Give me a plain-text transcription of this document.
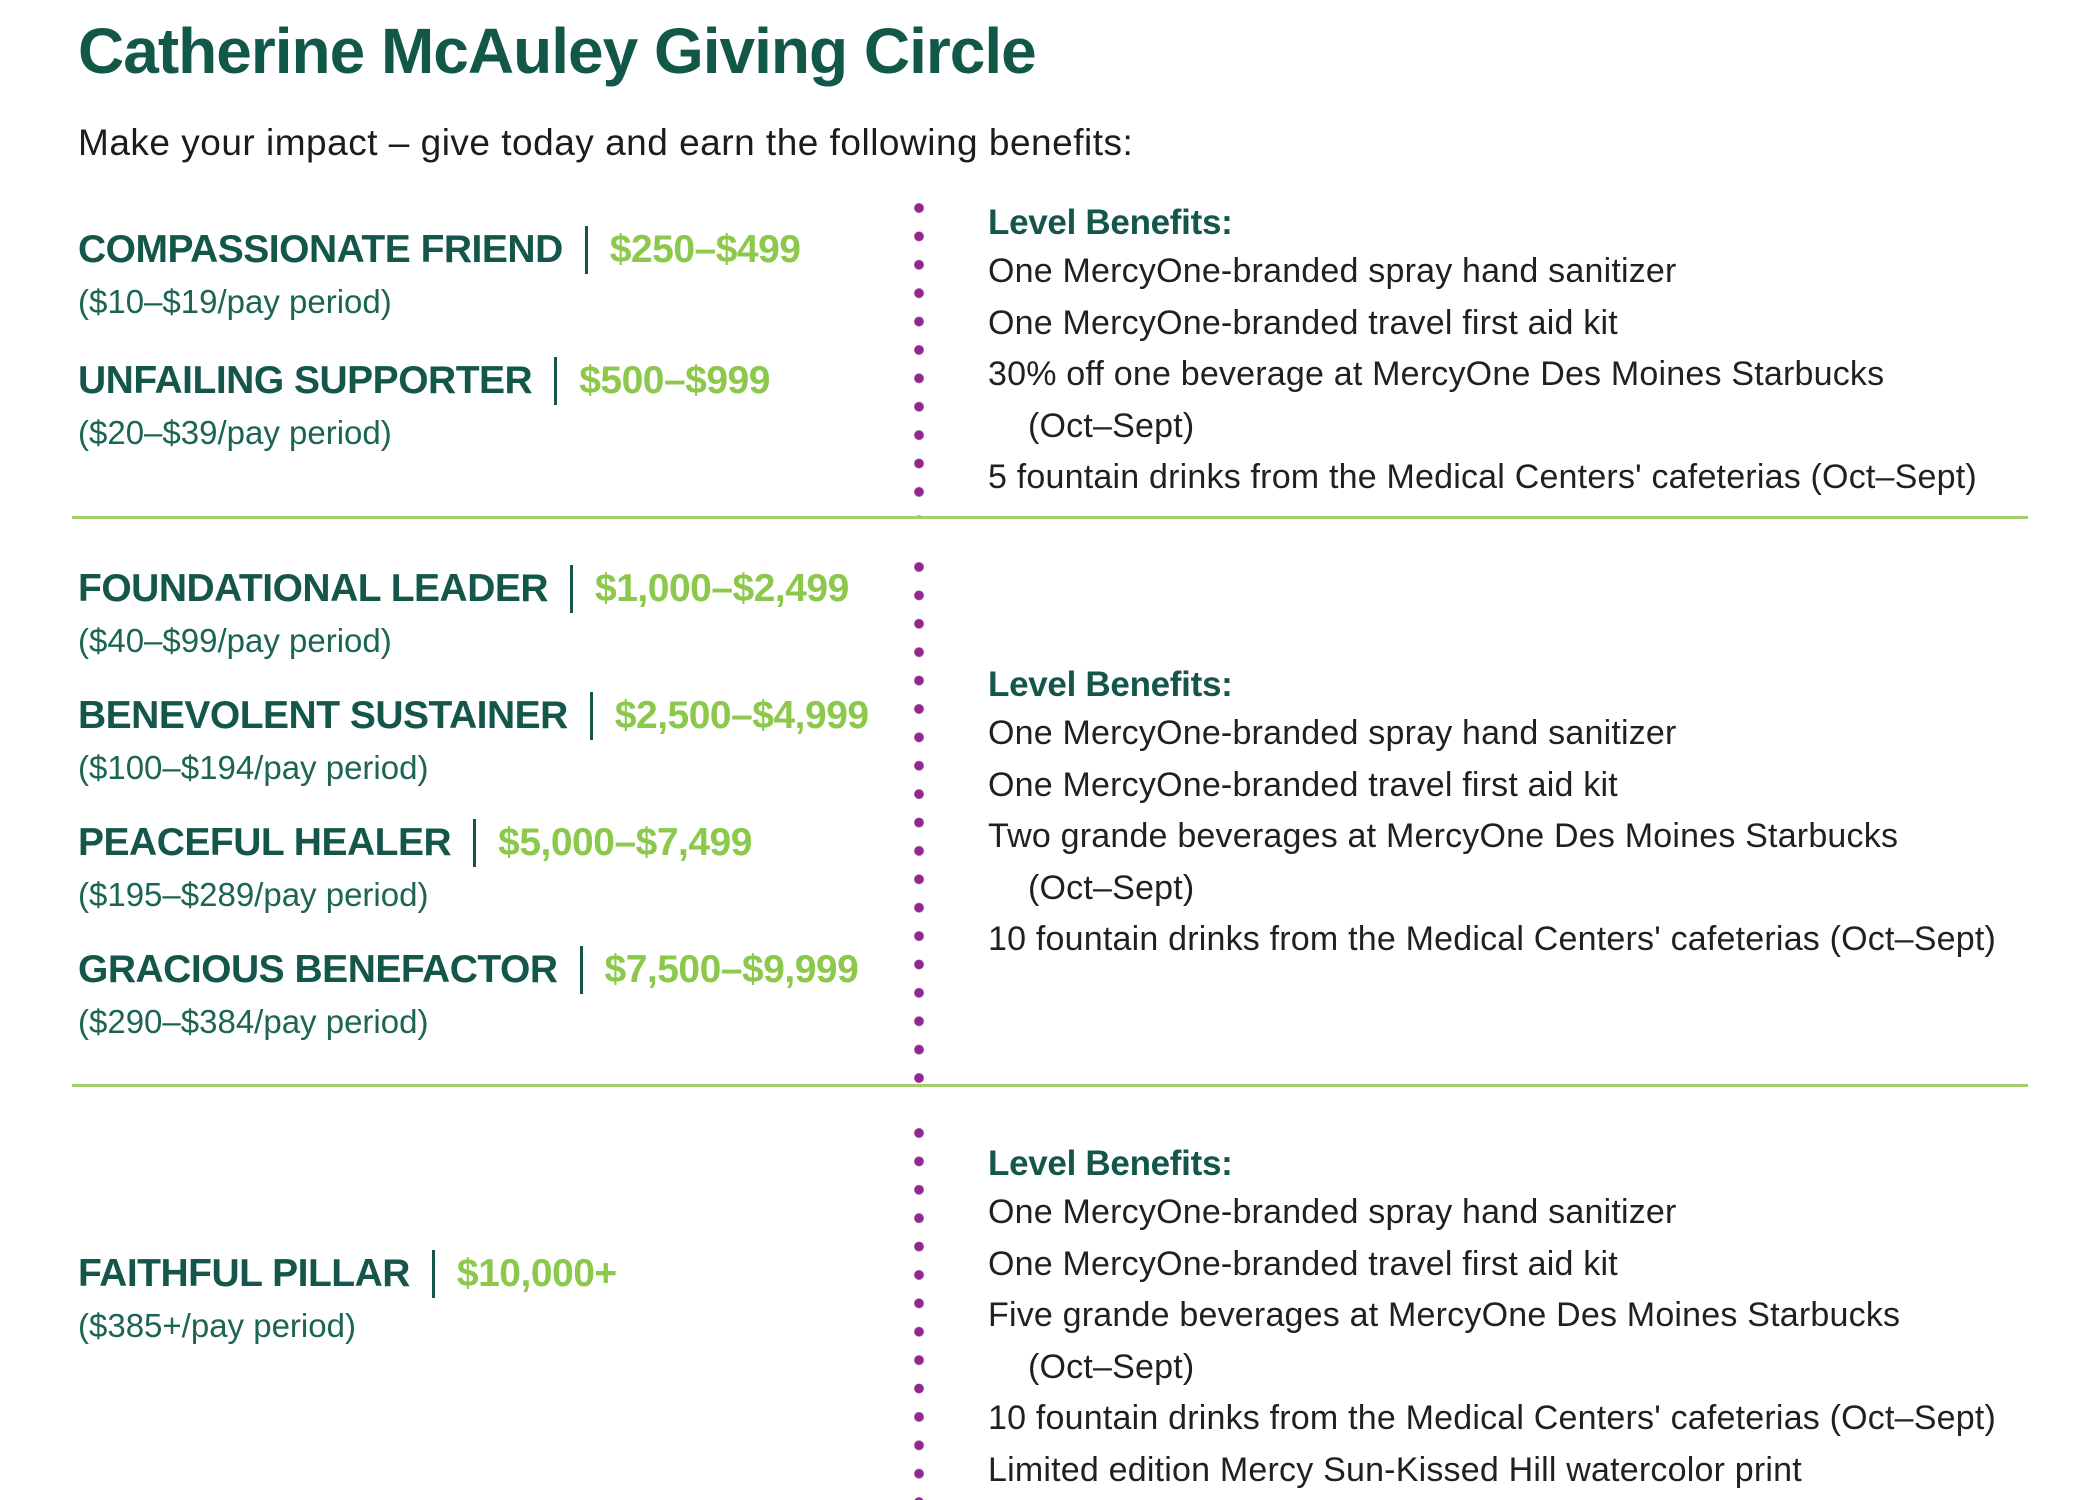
Catherine McAuley Giving Circle

Make your impact – give today and earn the following benefits:

COMPASSIONATE FRIEND $250–$499
($10–$19/pay period)
UNFAILING SUPPORTER $500–$999
($20–$39/pay period)
Level Benefits:
One MercyOne-branded spray hand sanitizer
One MercyOne-branded travel first aid kit
30% off one beverage at MercyOne Des Moines Starbucks
(Oct–Sept)
5 fountain drinks from the Medical Centers' cafeterias (Oct–Sept)
FOUNDATIONAL LEADER $1,000–$2,499
($40–$99/pay period)
BENEVOLENT SUSTAINER $2,500–$4,999
($100–$194/pay period)
PEACEFUL HEALER $5,000–$7,499
($195–$289/pay period)
GRACIOUS BENEFACTOR $7,500–$9,999
($290–$384/pay period)
Level Benefits:
One MercyOne-branded spray hand sanitizer
One MercyOne-branded travel first aid kit
Two grande beverages at MercyOne Des Moines Starbucks
(Oct–Sept)
10 fountain drinks from the Medical Centers' cafeterias (Oct–Sept)
FAITHFUL PILLAR $10,000+
($385+/pay period)
Level Benefits:
One MercyOne-branded spray hand sanitizer
One MercyOne-branded travel first aid kit
Five grande beverages at MercyOne Des Moines Starbucks
(Oct–Sept)
10 fountain drinks from the Medical Centers' cafeterias (Oct–Sept)
Limited edition Mercy Sun-Kissed Hill watercolor print
